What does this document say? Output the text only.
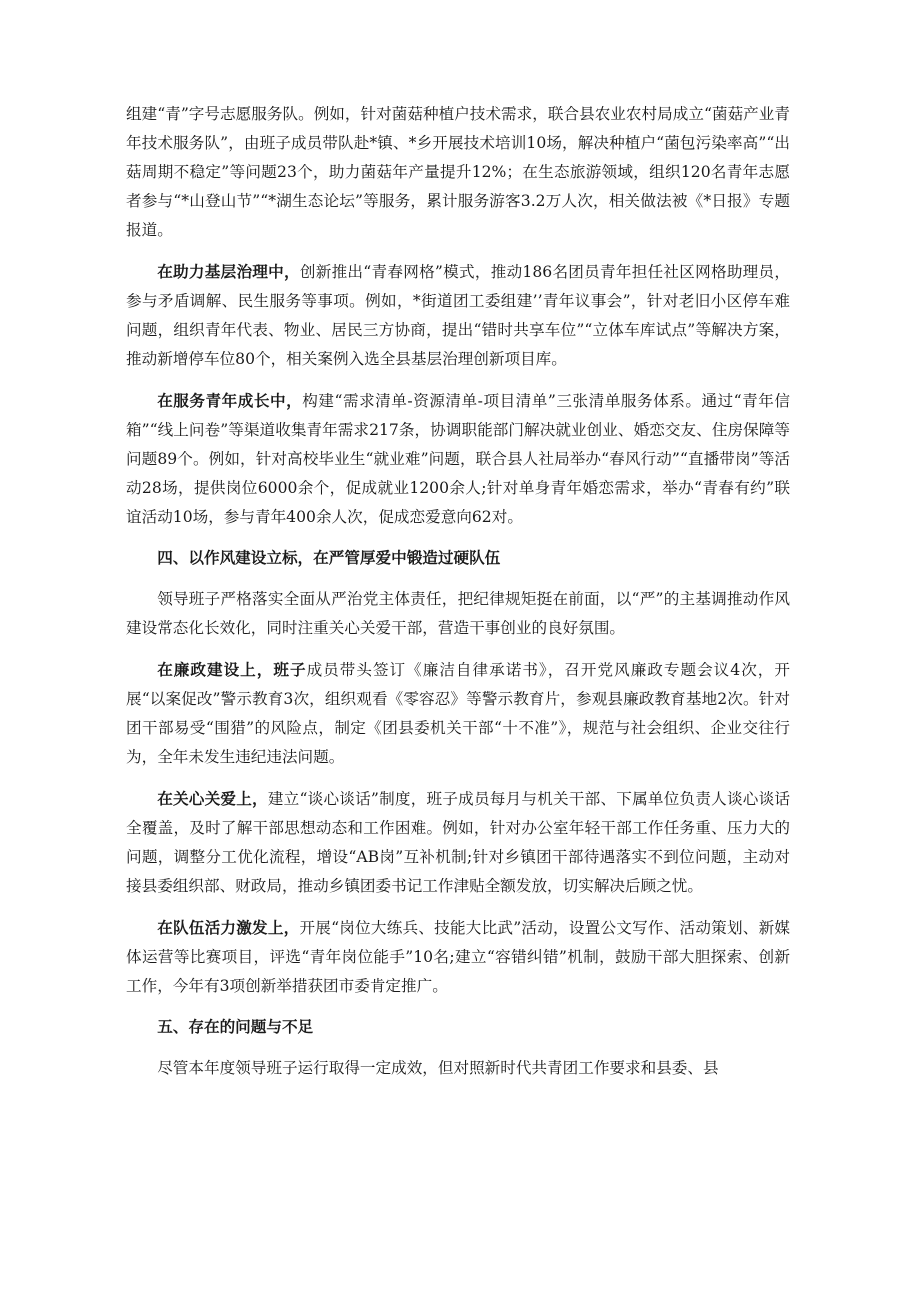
组建“青”字号志愿服务队。例如，针对菌菇种植户技术需求，联合县农业农村局成立“菌菇产业青年技术服务队”，由班子成员带队赴*镇、*乡开展技术培训10场，解决种植户“菌包污染率高”“出菇周期不稳定”等问题23个，助力菌菇年产量提升12%；在生态旅游领域，组织120名青年志愿者参与“*山登山节”“*湖生态论坛”等服务，累计服务游客3.2万人次，相关做法被《*日报》专题报道。

在助力基层治理中，创新推出“青春网格”模式，推动186名团员青年担任社区网格助理员，参与矛盾调解、民生服务等事项。例如，*街道团工委组建’’青年议事会”，针对老旧小区停车难问题，组织青年代表、物业、居民三方协商，提出“错时共享车位”“立体车库试点”等解决方案，推动新增停车位80个，相关案例入选全县基层治理创新项目库。

在服务青年成长中，构建“需求清单-资源清单-项目清单”三张清单服务体系。通过“青年信箱”“线上问卷”等渠道收集青年需求217条，协调职能部门解决就业创业、婚恋交友、住房保障等问题89个。例如，针对高校毕业生“就业难”问题，联合县人社局举办“春风行动”“直播带岗”等活动28场，提供岗位6000余个，促成就业1200余人;针对单身青年婚恋需求，举办“青春有约”联谊活动10场，参与青年400余人次，促成恋爱意向62对。

四、以作风建设立标，在严管厚爱中锻造过硬队伍

领导班子严格落实全面从严治党主体责任，把纪律规矩挺在前面，以“严”的主基调推动作风建设常态化长效化，同时注重关心关爱干部，营造干事创业的良好氛围。

在廉政建设上，班子成员带头签订《廉洁自律承诺书》，召开党风廉政专题会议4次，开展“以案促改”警示教育3次，组织观看《零容忍》等警示教育片，参观县廉政教育基地2次。针对团干部易受“围猎”的风险点，制定《团县委机关干部“十不准”》，规范与社会组织、企业交往行为，全年未发生违纪违法问题。

在关心关爱上，建立“谈心谈话”制度，班子成员每月与机关干部、下属单位负责人谈心谈话全覆盖，及时了解干部思想动态和工作困难。例如，针对办公室年轻干部工作任务重、压力大的问题，调整分工优化流程，增设“AB岗”互补机制;针对乡镇团干部待遇落实不到位问题，主动对接县委组织部、财政局，推动乡镇团委书记工作津贴全额发放，切实解决后顾之忧。

在队伍活力激发上，开展“岗位大练兵、技能大比武”活动，设置公文写作、活动策划、新媒体运营等比赛项目，评选“青年岗位能手”10名;建立“容错纠错”机制，鼓励干部大胆探索、创新工作，今年有3项创新举措获团市委肯定推广。

五、存在的问题与不足

尽管本年度领导班子运行取得一定成效，但对照新时代共青团工作要求和县委、县
